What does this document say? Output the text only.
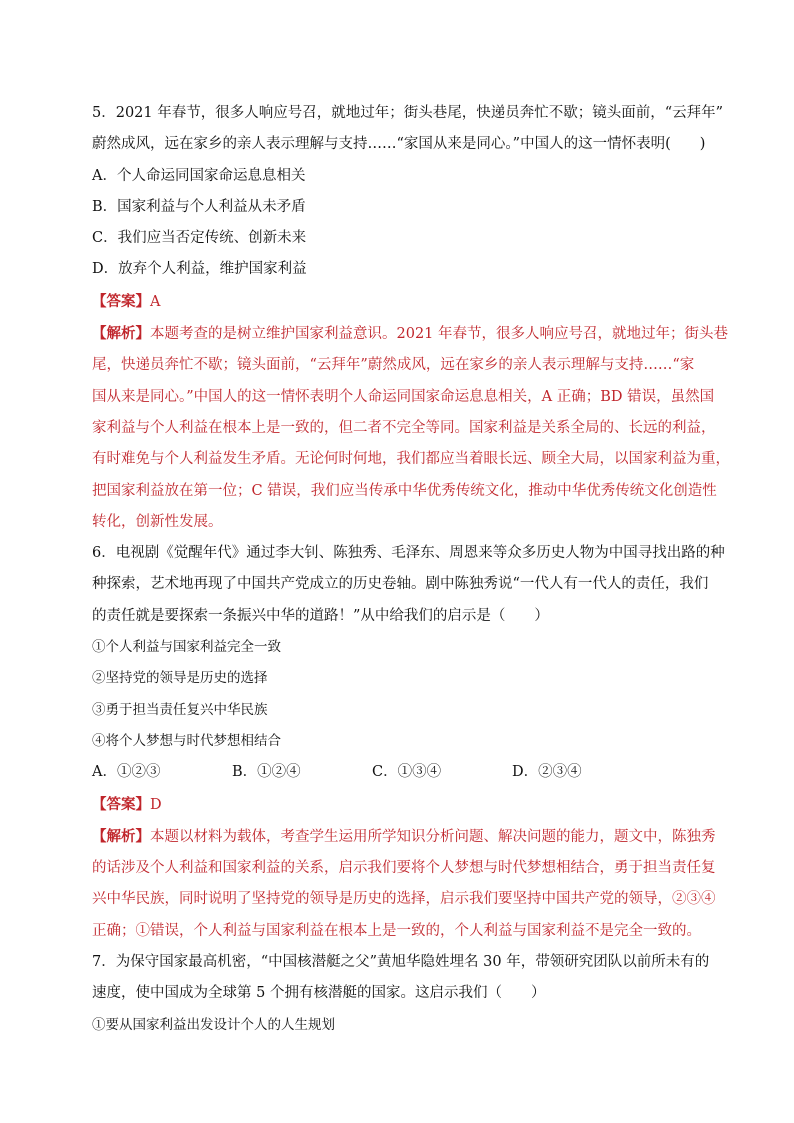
5．2021 年春节，很多人响应号召，就地过年；街头巷尾，快递员奔忙不歇；镜头面前，“云拜年”
蔚然成风，远在家乡的亲人表示理解与支持……“家国从来是同心。”中国人的这一情怀表明(　　)
A．个人命运同国家命运息息相关
B．国家利益与个人利益从未矛盾
C．我们应当否定传统、创新未来
D．放弃个人利益，维护国家利益
【答案】A
【解析】本题考查的是树立维护国家利益意识。2021 年春节，很多人响应号召，就地过年；街头巷
尾，快递员奔忙不歇；镜头面前，“云拜年”蔚然成风，远在家乡的亲人表示理解与支持……“家
国从来是同心。”中国人的这一情怀表明个人命运同国家命运息息相关，A 正确；BD 错误，虽然国
家利益与个人利益在根本上是一致的，但二者不完全等同。国家利益是关系全局的、长远的利益，
有时难免与个人利益发生矛盾。无论何时何地，我们都应当着眼长远、顾全大局，以国家利益为重，
把国家利益放在第一位；C 错误，我们应当传承中华优秀传统文化，推动中华优秀传统文化创造性
转化，创新性发展。
6．电视剧《觉醒年代》通过李大钊、陈独秀、毛泽东、周恩来等众多历史人物为中国寻找出路的种
种探索，艺术地再现了中国共产党成立的历史卷轴。剧中陈独秀说“一代人有一代人的责任，我们
的责任就是要探索一条振兴中华的道路！”从中给我们的启示是（　　）
①个人利益与国家利益完全一致
②坚持党的领导是历史的选择
③勇于担当责任复兴中华民族
④将个人梦想与时代梦想相结合
A．①②③	B．①②④	C．①③④	D．②③④
【答案】D
【解析】本题以材料为载体，考查学生运用所学知识分析问题、解决问题的能力，题文中，陈独秀
的话涉及个人利益和国家利益的关系，启示我们要将个人梦想与时代梦想相结合，勇于担当责任复
兴中华民族，同时说明了坚持党的领导是历史的选择，启示我们要坚持中国共产党的领导，②③④
正确；①错误，个人利益与国家利益在根本上是一致的，个人利益与国家利益不是完全一致的。
7．为保守国家最高机密，“中国核潜艇之父”黄旭华隐姓埋名 30 年，带领研究团队以前所未有的
速度，使中国成为全球第 5 个拥有核潜艇的国家。这启示我们（　　）
①要从国家利益出发设计个人的人生规划
